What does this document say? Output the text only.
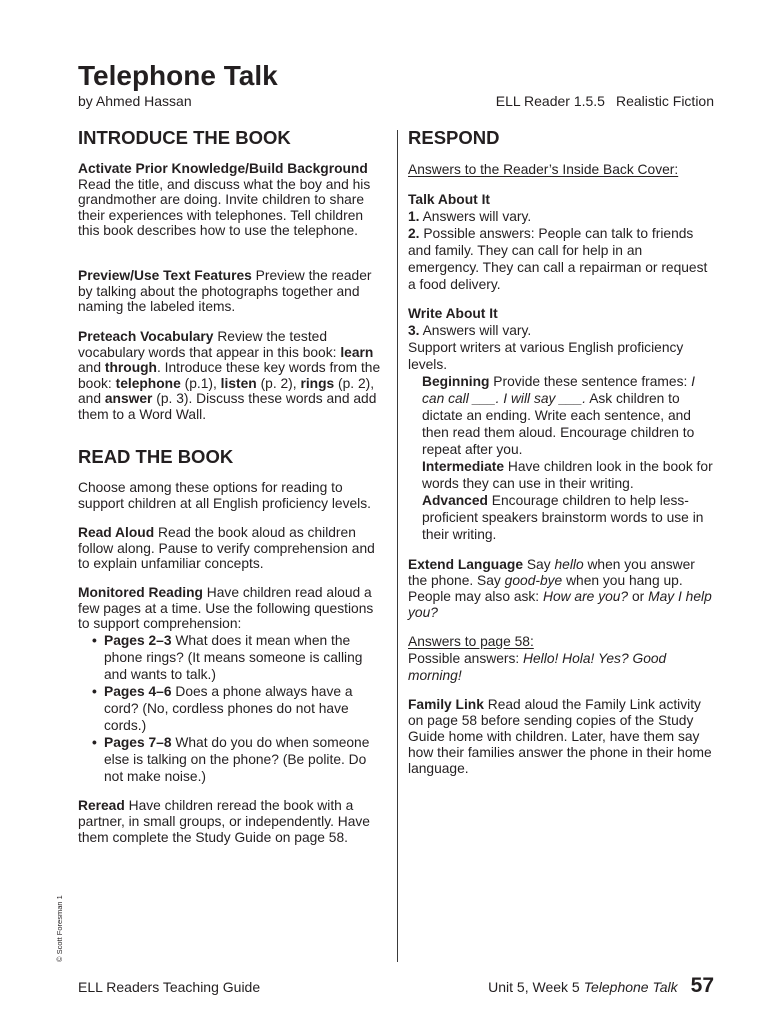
Telephone Talk
by Ahmed Hassan	ELL Reader 1.5.5 Realistic Fiction
INTRODUCE THE BOOK

Activate Prior Knowledge/Build Background Read the title, and discuss what the boy and his grandmother are doing. Invite children to share their experiences with telephones. Tell children this book describes how to use the telephone.

Preview/Use Text Features Preview the reader by talking about the photographs together and naming the labeled items.

Preteach Vocabulary Review the tested vocabulary words that appear in this book: learn and through. Introduce these key words from the book: telephone (p.1), listen (p. 2), rings (p. 2), and answer (p. 3). Discuss these words and add them to a Word Wall.

READ THE BOOK

Choose among these options for reading to support children at all English proficiency levels.

Read Aloud Read the book aloud as children follow along. Pause to verify comprehension and to explain unfamiliar concepts.

Monitored Reading Have children read aloud a few pages at a time. Use the following questions to support comprehension:

• Pages 2–3 What does it mean when the phone rings? (It means someone is calling and wants to talk.)
• Pages 4–6 Does a phone always have a cord? (No, cordless phones do not have cords.)
• Pages 7–8 What do you do when someone else is talking on the phone? (Be polite. Do not make noise.)

Reread Have children reread the book with a partner, in small groups, or independently. Have them complete the Study Guide on page 58.

RESPOND

Answers to the Reader’s Inside Back Cover:

Talk About It

1. Answers will vary.

2. Possible answers: People can talk to friends and family. They can call for help in an emergency. They can call a repairman or request a food delivery.

Write About It

3. Answers will vary.

Support writers at various English proficiency levels.

Beginning Provide these sentence frames: I can call ___. I will say ___. Ask children to dictate an ending. Write each sentence, and then read them aloud. Encourage children to repeat after you.

Intermediate Have children look in the book for words they can use in their writing.

Advanced Encourage children to help less-proficient speakers brainstorm words to use in their writing.

Extend Language Say hello when you answer the phone. Say good-bye when you hang up. People may also ask: How are you? or May I help you?

Answers to page 58:

Possible answers: Hello! Hola! Yes? Good morning!

Family Link Read aloud the Family Link activity on page 58 before sending copies of the Study Guide home with children. Later, have them say how their families answer the phone in their home language.

ELL Readers Teaching Guide	Unit 5, Week 5 Telephone Talk 57
© Scott Foresman 1
